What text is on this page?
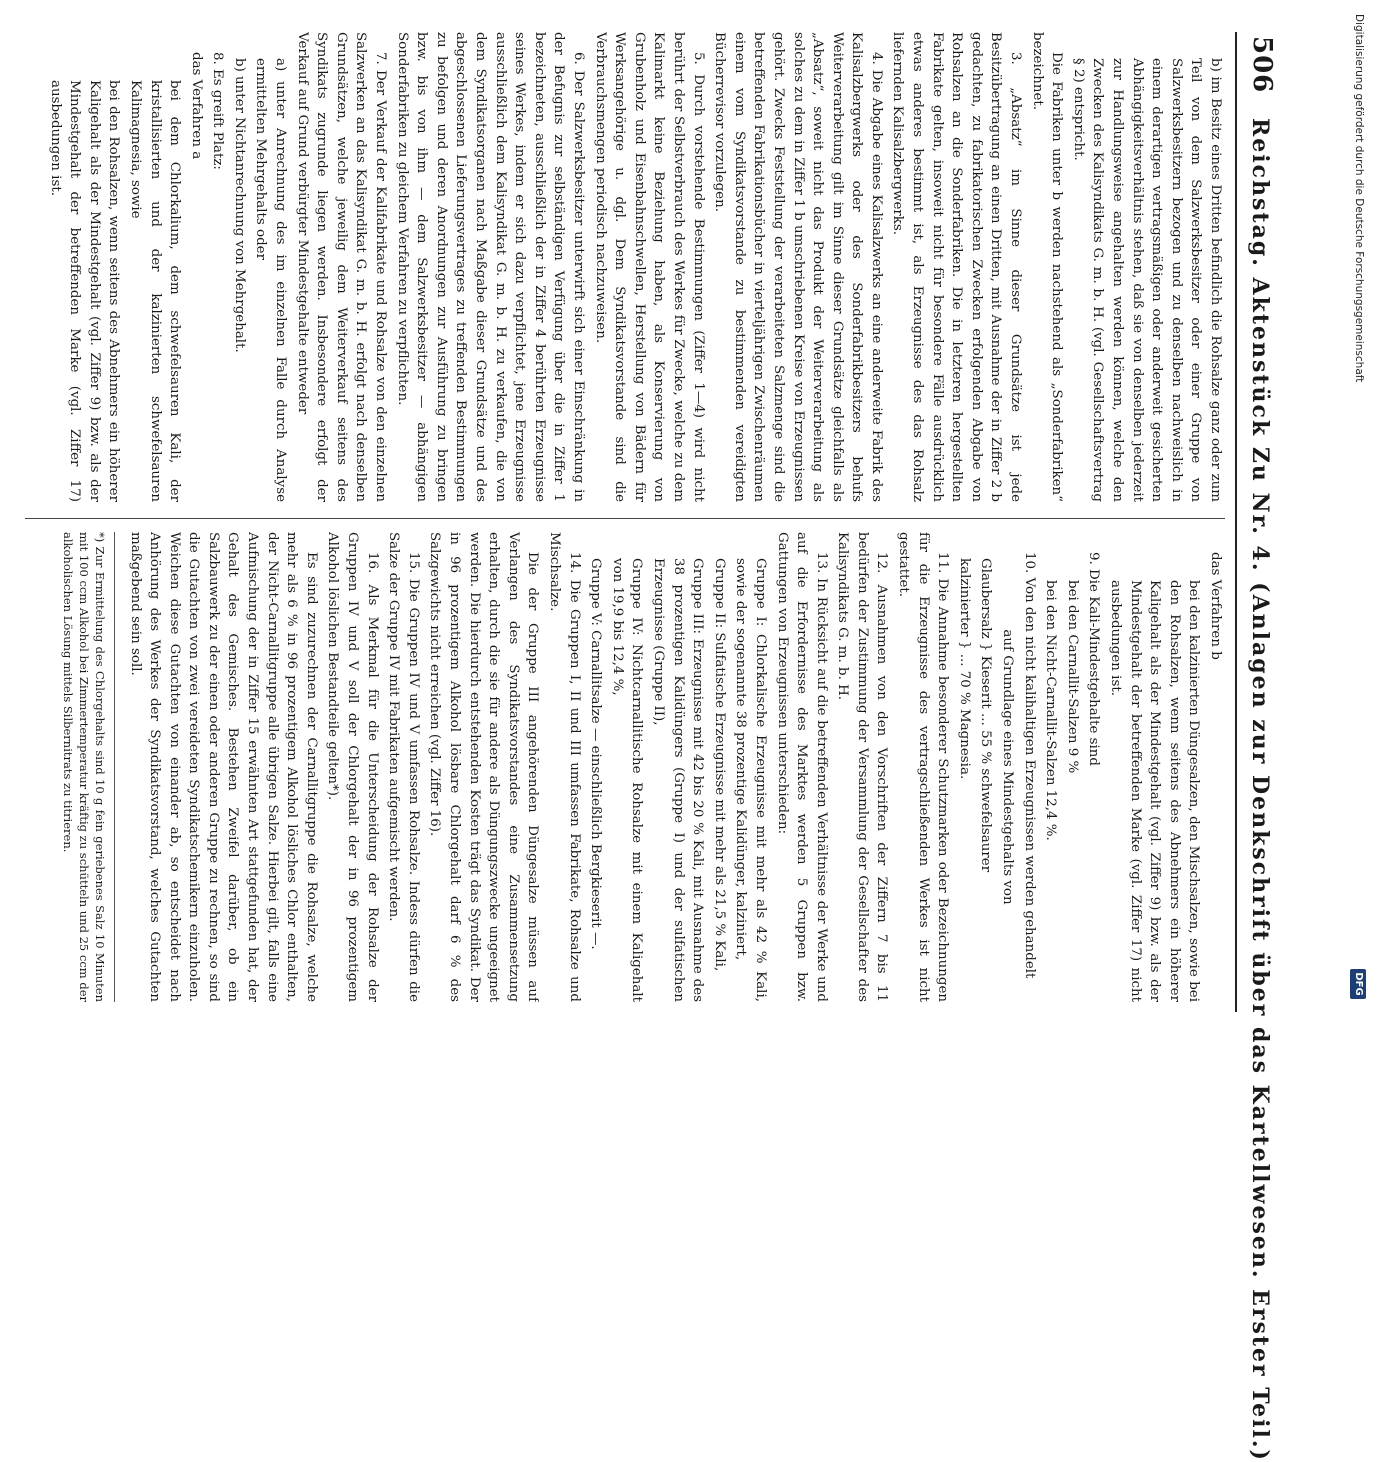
506
Reichstag. Aktenstück Zu Nr. 4. (Anlagen zur Denkschrift über das Kartellwesen. Erster Teil.)

b) im Besitz eines Dritten befindlich die Rohsalze ganz oder zum Teil von dem Salzwerksbesitzer oder einer Gruppe von Salzwerksbesitzern bezogen und zu denselben nachweislich in einem derartigen vertragsmäßigen oder anderweit gesicherten Abhängigkeitsverhältnis stehen, daß sie von denselben jederzeit zur Handlungsweise angehalten werden können, welche den Zwecken des Kalisyndikats G. m. b. H. (vgl. Gesellschaftsvertrag § 2) entspricht.

Die Fabriken unter b werden nachstehend als „Sonderfabriken“ bezeichnet.

3. „Absatz“ im Sinne dieser Grundsätze ist jede Besitzübertragung an einen Dritten, mit Ausnahme der in Ziffer 2 b gedachten, zu fabrikatorischen Zwecken erfolgenden Abgabe von Rohsalzen an die Sonderfabriken. Die in letzteren hergestellten Fabrikate gelten, insoweit nicht für besondere Fälle ausdrücklich etwas anderes bestimmt ist, als Erzeugnisse des das Rohsalz liefernden Kalisalzbergwerks.

4. Die Abgabe eines Kalisalzwerks an eine anderweite Fabrik des Kalisalzbergwerks oder des Sonderfabrikbesitzers behufs Weiterverarbeitung gilt im Sinne dieser Grundsätze gleichfalls als „Absatz“, soweit nicht das Produkt der Weiterverarbeitung als solches zu dem in Ziffer 1 b umschriebenen Kreise von Erzeugnissen gehört. Zwecks Feststellung der verarbeiteten Salzmenge sind die betreffenden Fabrikationsbücher in vierteljährigen Zwischenräumen einem vom Syndikatsvorstande zu bestimmenden vereidigten Bücherrevisor vorzulegen.

5. Durch vorstehende Bestimmungen (Ziffer 1—4) wird nicht berührt der Selbstverbrauch des Werkes für Zwecke, welche zu dem Kalimarkt keine Beziehung haben, als Konservierung von Grubenholz und Eisenbahnschwellen, Herstellung von Bädern für Werksangehörige u. dgl. Dem Syndikatsvorstande sind die Verbrauchsmengen periodisch nachzuweisen.

6. Der Salzwerksbesitzer unterwirft sich einer Einschränkung in der Befugnis zur selbständigen Verfügung über die in Ziffer 1 bezeichneten, ausschließlich der in Ziffer 4 berührten Erzeugnisse seines Werkes, indem er sich dazu verpflichtet, jene Erzeugnisse ausschließlich dem Kalisyndikat G. m. b. H. zu verkaufen, die von dem Syndikatsorganen nach Maßgabe dieser Grundsätze und des abgeschlossenen Lieferungsvertrages zu treffenden Bestimmungen zu befolgen und deren Anordnungen zur Ausführung zu bringen bzw. bis von ihm — dem Salzwerksbesitzer — abhängigen Sonderfabriken zu gleichem Verfahren zu verpflichten.

7. Der Verkauf der Kalifabrikate und Rohsalze von den einzelnen Salzwerken an das Kalisyndikat G. m. b. H. erfolgt nach denselben Grundsätzen, welche jeweilig dem Weiterverkauf seitens des Syndikats zugrunde liegen werden. Insbesondere erfolgt der Verkauf auf Grund verbürgter Mindestgehalte entweder

a) unter Anrechnung des im einzelnen Falle durch Analyse ermittelten Mehrgehalts oder

b) unter Nichtanrechnung von Mehrgehalt.

8. Es greift Platz:

das Verfahren a

bei dem Chlorkalium, dem schwefelsauren Kali, der kristallisierten und der kalzinierten schwefelsauren Kalimagnesia, sowie

bei den Rohsalzen, wenn seitens des Abnehmers ein höherer Kaligehalt als der Mindestgehalt (vgl. Ziffer 9) bzw. als der Mindestgehalt der betreffenden Marke (vgl. Ziffer 17) ausbedungen ist.

das Verfahren b

bei den kalzinierten Düngesalzen, den Mischsalzen, sowie bei den Rohsalzen, wenn seitens des Abnehmers ein höherer Kaligehalt als der Mindestgehalt (vgl. Ziffer 9) bzw. als der Mindestgehalt der betreffenden Marke (vgl. Ziffer 17) nicht ausbedungen ist.

9. Die Kali-Mindestgehalte sind

bei den Carnallit-Salzen 9 %

bei den Nicht-Carnallit-Salzen 12,4 %.

10. Von den nicht kalihaltigen Erzeugnissen werden gehandelt

auf Grundlage eines Mindestgehalts von

Glaubersalz } Kieserit ... 55 % schwefelsaurer

kalzinierter } ... 70 % Magnesia.

11. Die Annahme besonderer Schutzmarken oder Bezeichnungen für die Erzeugnisse des vertragschließenden Werkes ist nicht gestattet.

12. Ausnahmen von den Vorschriften der Ziffern 7 bis 11 bedürfen der Zustimmung der Versammlung der Gesellschafter des Kalisyndikats G. m. b. H.

13. In Rücksicht auf die betreffenden Verhältnisse der Werke und auf die Erfordernisse des Marktes werden 5 Gruppen bzw. Gattungen von Erzeugnissen unterschieden:

Gruppe I: Chlorkalische Erzeugnisse mit mehr als 42 % Kali, sowie der sogenannte 38 prozentige Kalidünger, kalziniert,

Gruppe II: Sulfatische Erzeugnisse mit mehr als 21,5 % Kali,

Gruppe III: Erzeugnisse mit 42 bis 20 % Kali, mit Ausnahme des 38 prozentigen Kalidüngers (Gruppe I) und der sulfatischen Erzeugnisse (Gruppe II),

Gruppe IV: Nichtcarnallitische Rohsalze mit einem Kaligehalt von 19,9 bis 12,4 %,

Gruppe V: Carnallitsalze — einschließlich Bergkieserit —.

14. Die Gruppen I, II und III umfassen Fabrikate, Rohsalze und Mischsalze.

Die der Gruppe III angehörenden Düngesalze müssen auf Verlangen des Syndikatsvorstandes eine Zusammensetzung erhalten, durch die sie für andere als Düngungszwecke ungeeignet werden. Die hierdurch entstehenden Kosten trägt das Syndikat. Der in 96 prozentigem Alkohol lösbare Chlorgehalt darf 6 % des Salzgewichts nicht erreichen (vgl. Ziffer 16).

15. Die Gruppen IV und V umfassen Rohsalze. Indess dürfen die Salze der Gruppe IV mit Fabrikaten aufgemischt werden.

16. Als Merkmal für die Unterscheidung der Rohsalze der Gruppen IV und V soll der Chlorgehalt der in 96 prozentigem Alkohol löslichen Bestandteile gelten*).

Es sind zuzurechnen der Carnallitgruppe die Rohsalze, welche mehr als 6 % in 96 prozentigem Alkohol lösliches Chlor enthalten, der Nicht-Carnallitgruppe alle übrigen Salze. Hierbei gilt, falls eine Aufmischung der in Ziffer 15 erwähnten Art stattgefunden hat, der Gehalt des Gemisches. Bestehen Zweifel darüber, ob ein Salzbauwerk zu der einen oder anderen Gruppe zu rechnen, so sind die Gutachten von zwei vereideten Syndikatschemikern einzuholen. Weichen diese Gutachten von einander ab, so entscheidet nach Anhörung des Werkes der Syndikatsvorstand, welches Gutachten maßgebend sein soll.

*) Zur Ermittelung des Chlorgehalts sind 10 g fein geriebenes Salz 10 Minuten mit 100 ccm Alkohol bei Zimmertemperatur kräftig zu schütteln und 25 ccm der alkoholischen Lösung mittels Silbernitrats zu titrieren.
Digitalisierung gefördert durch die Deutsche Forschungsgemeinschaft
DFG
